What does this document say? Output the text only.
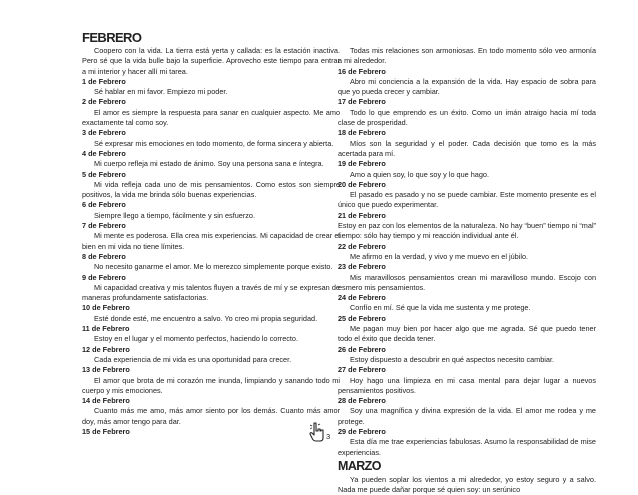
FEBRERO

Coopero con la vida. La tierra está yerta y callada: es la estación inactiva. Pero sé que la vida bulle bajo la superficie. Aprovecho este tiempo para entrar a mi interior y hacer allí mi tarea.

1 de Febrero

Sé hablar en mi favor. Empiezo mi poder.

2 de Febrero

El amor es siempre la respuesta para sanar en cualquier aspecto. Me amo exactamente tal como soy.

3 de Febrero

Sé expresar mis emociones en todo momento, de forma sincera y abierta.

4 de Febrero

Mi cuerpo refleja mi estado de ánimo. Soy una persona sana e íntegra.

5 de Febrero

Mi vida refleja cada uno de mis pensamientos. Como estos son siempre positivos, la vida me brinda sólo buenas experiencias.

6 de Febrero

Siempre llego a tiempo, fácilmente y sin esfuerzo.

7 de Febrero

Mi mente es poderosa. Ella crea mis experiencias. Mi capacidad de crear el bien en mi vida no tiene límites.

8 de Febrero

No necesito ganarme el amor. Me lo merezco simplemente porque existo.

9 de Febrero

Mi capacidad creativa y mis talentos fluyen a través de mí y se expresan de maneras profundamente satisfactorias.

10 de Febrero

Esté donde esté, me encuentro a salvo. Yo creo mi propia seguridad.

11 de Febrero

Estoy en el lugar y el momento perfectos, haciendo lo correcto.

12 de Febrero

Cada experiencia de mi vida es una oportunidad para crecer.

13 de Febrero

El amor que brota de mi corazón me inunda, limpiando y sanando todo mi cuerpo y mis emociones.

14 de Febrero

Cuanto más me amo, más amor siento por los demás. Cuanto más amor doy, más amor tengo para dar.

15 de Febrero

Todas mis relaciones son armoniosas. En todo momento sólo veo armonía a mi alrededor.

16 de Febrero

Abro mi conciencia a la expansión de la vida. Hay espacio de sobra para que yo pueda crecer y cambiar.

17 de Febrero

Todo lo que emprendo es un éxito. Como un imán atraigo hacia mí toda clase de prosperidad.

18 de Febrero

Míos son la seguridad y el poder. Cada decisión que tomo es la más acertada para mí.

19 de Febrero

Amo a quien soy, lo que soy y lo que hago.

20 de Febrero

El pasado es pasado y no se puede cambiar. Este momento presente es el único que puedo experimentar.

21 de Febrero

Estoy en paz con los elementos de la naturaleza. No hay “buen” tiempo ni “mal” tiempo: sólo hay tiempo y mi reacción individual ante él.

22 de Febrero

Me afirmo en la verdad, y vivo y me muevo en el júbilo.

23 de Febrero

Mis maravillosos pensamientos crean mi maravilloso mundo. Escojo con esmero mis pensamientos.

24 de Febrero

Confío en mí. Sé que la vida me sustenta y me protege.

25 de Febrero

Me pagan muy bien por hacer algo que me agrada. Sé que puedo tener todo el éxito que decida tener.

26 de Febrero

Estoy dispuesto a descubrir en qué aspectos necesito cambiar.

27 de Febrero

Hoy hago una limpieza en mi casa mental para dejar lugar a nuevos pensamientos positivos.

28 de Febrero

Soy una magnífica y divina expresión de la vida. El amor me rodea y me protege.

29 de Febrero

Esta día me trae experiencias fabulosas. Asumo la responsabilidad de mise experiencias.

MARZO

Ya pueden soplar los vientos a mi alrededor, yo estoy seguro y a salvo. Nada me puede dañar porque sé quien soy: un serúnico

3
